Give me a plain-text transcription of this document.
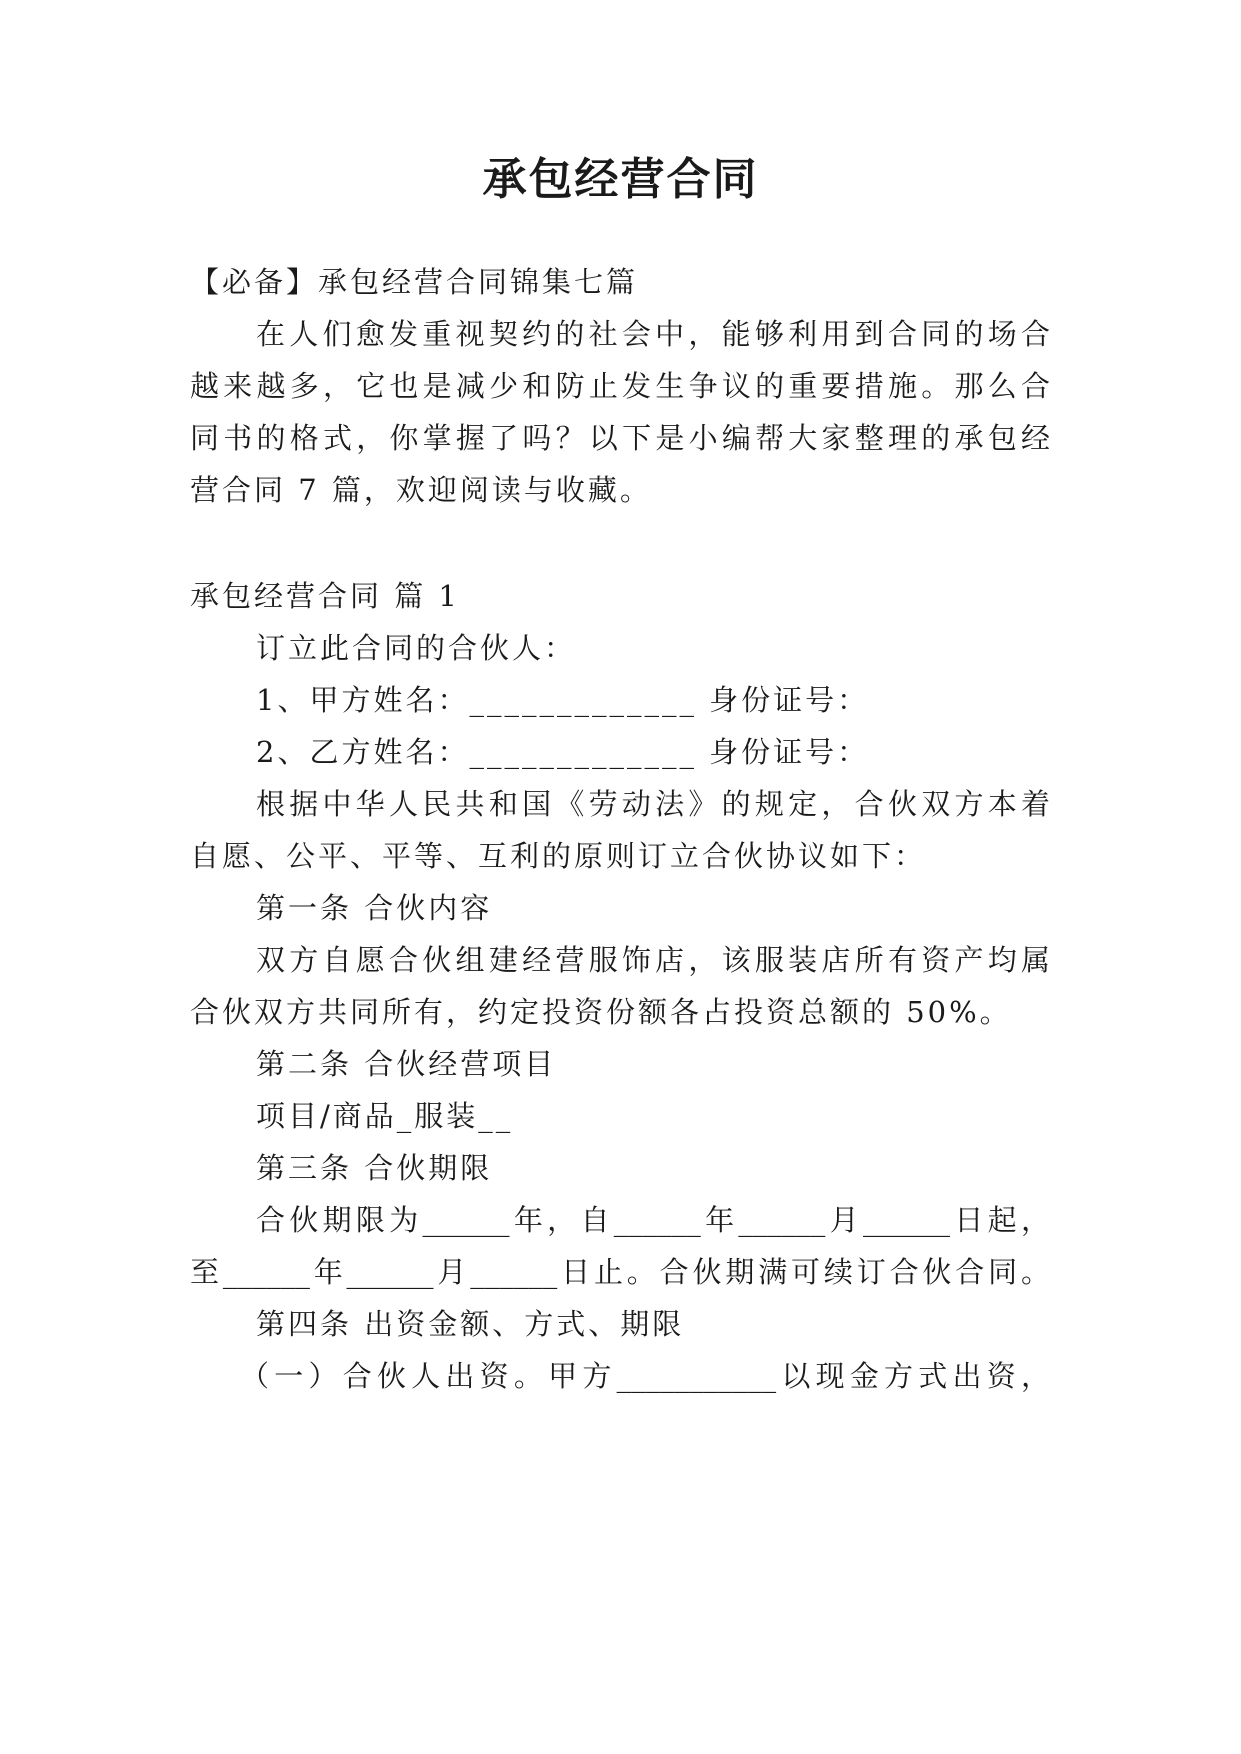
承包经营合同
【必备】承包经营合同锦集七篇
在人们愈发重视契约的社会中，能够利用到合同的场合
越来越多，它也是减少和防止发生争议的重要措施。那么合
同书的格式，你掌握了吗？以下是小编帮大家整理的承包经
营合同 7 篇，欢迎阅读与收藏。
承包经营合同 篇 1
订立此合同的合伙人：
1、甲方姓名：_____________ 身份证号：
2、乙方姓名：_____________ 身份证号：
根据中华人民共和国《劳动法》的规定，合伙双方本着
自愿、公平、平等、互利的原则订立合伙协议如下：
第一条 合伙内容
双方自愿合伙组建经营服饰店，该服装店所有资产均属
合伙双方共同所有，约定投资份额各占投资总额的 50%。
第二条 合伙经营项目
项目/商品_服装__
第三条 合伙期限
合伙期限为______年，自______年______月______日起，
至______年______月______日止。合伙期满可续订合伙合同。
第四条 出资金额、方式、期限
（一）合伙人出资。甲方___________以现金方式出资，
